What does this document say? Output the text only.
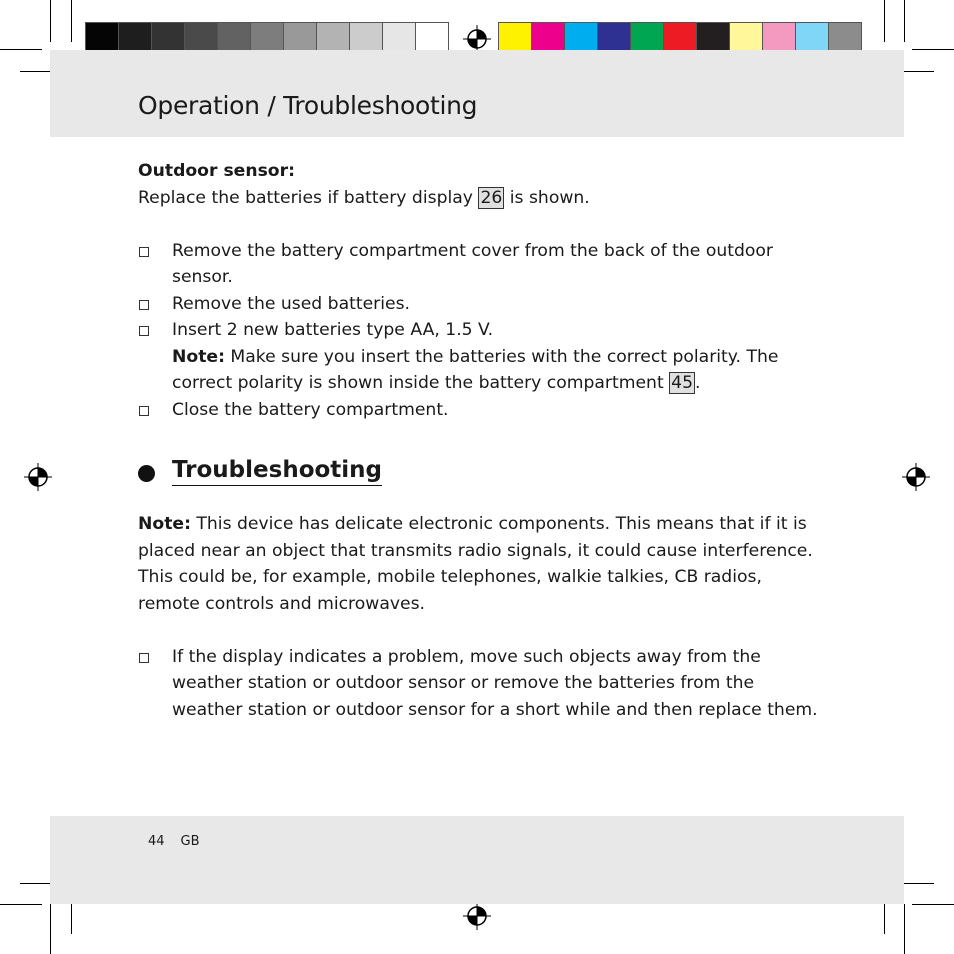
Operation / Troubleshooting

Outdoor sensor:

Replace the batteries if battery display 26 is shown.

Remove the battery compartment cover from the back of the outdoor sensor.
Remove the used batteries.
Insert 2 new batteries type AA, 1.5 V.
Note: Make sure you insert the batteries with the correct polarity. The correct polarity is shown inside the battery compartment 45 .
Close the battery compartment.
Troubleshooting

Note: This device has delicate electronic components. This means that if it is placed near an object that transmits radio signals, it could cause interference. This could be, for example, mobile telephones, walkie talkies, CB radios, remote controls and microwaves.

If the display indicates a problem, move such objects away from the weather station or outdoor sensor or remove the batteries from the weather station or outdoor sensor for a short while and then replace them.
44 GB
